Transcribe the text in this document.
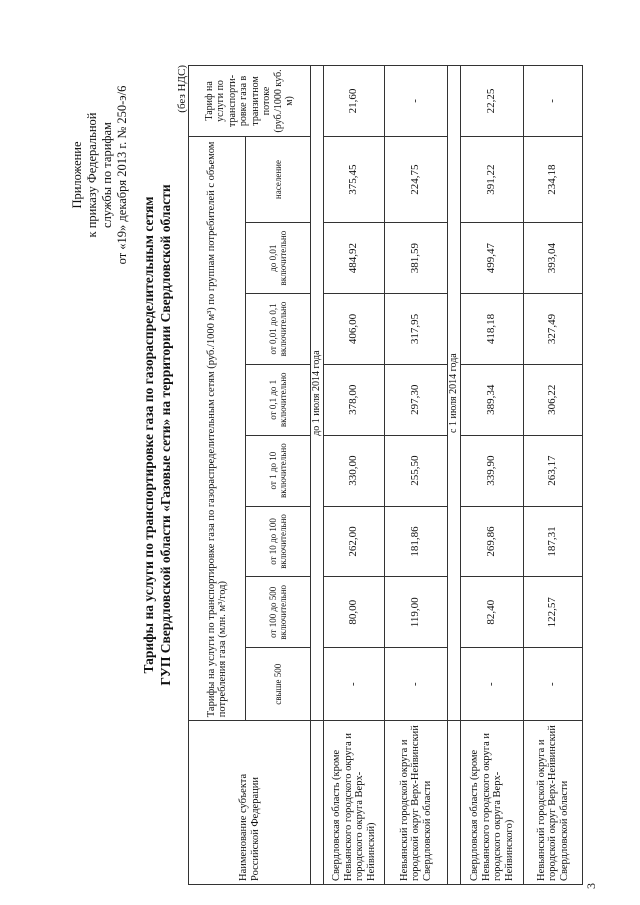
3
Приложение к приказу Федеральной службы по тарифам от «19» декабря 2013 г. № 250-э/6
Тарифы на услуги по транспортировке газа по газораспределительным сетям ГУП Свердловской области «Газовые сети» на территории Свердловской области
(без НДС)
Наименование субъекта Российской Федерации	Тарифы на услуги по транспортировке газа по газораспределительным сетям (руб./1000 м³) по группам потребителей с объемом потребления газа (млн. м³/год)								Тариф на услуги по транспорти-ровке газа в транзитном потоке (руб./1000 куб. м)
	свыше 500	от 100 до 500 включительно	от 10 до 100 включительно	от 1 до 10 включительно	от 0,1 до 1 включительно	от 0,01 до 0,1 включительно	до 0,01 включительно	население	
	до 1 июля 2014 года								
Свердловская область (кроме Невьянского городского округа и городского округа Верх-Нейвинский)	-	80,00	262,00	330,00	378,00	406,00	484,92	375,45	21,60
Невьянский городской округа и городской округ Верх-Нейвинский Свердловской области	-	119,00	181,86	255,50	297,30	317,95	381,59	224,75	-
	с 1 июля 2014 года								
Свердловская область (кроме Невьянского городского округа и городского округа Верх-Нейвинского)	-	82,40	269,86	339,90	389,34	418,18	499,47	391,22	22,25
Невьянский городской округа и городской округ Верх-Нейвинский Свердловской области	-	122,57	187,31	263,17	306,22	327,49	393,04	234,18	-
